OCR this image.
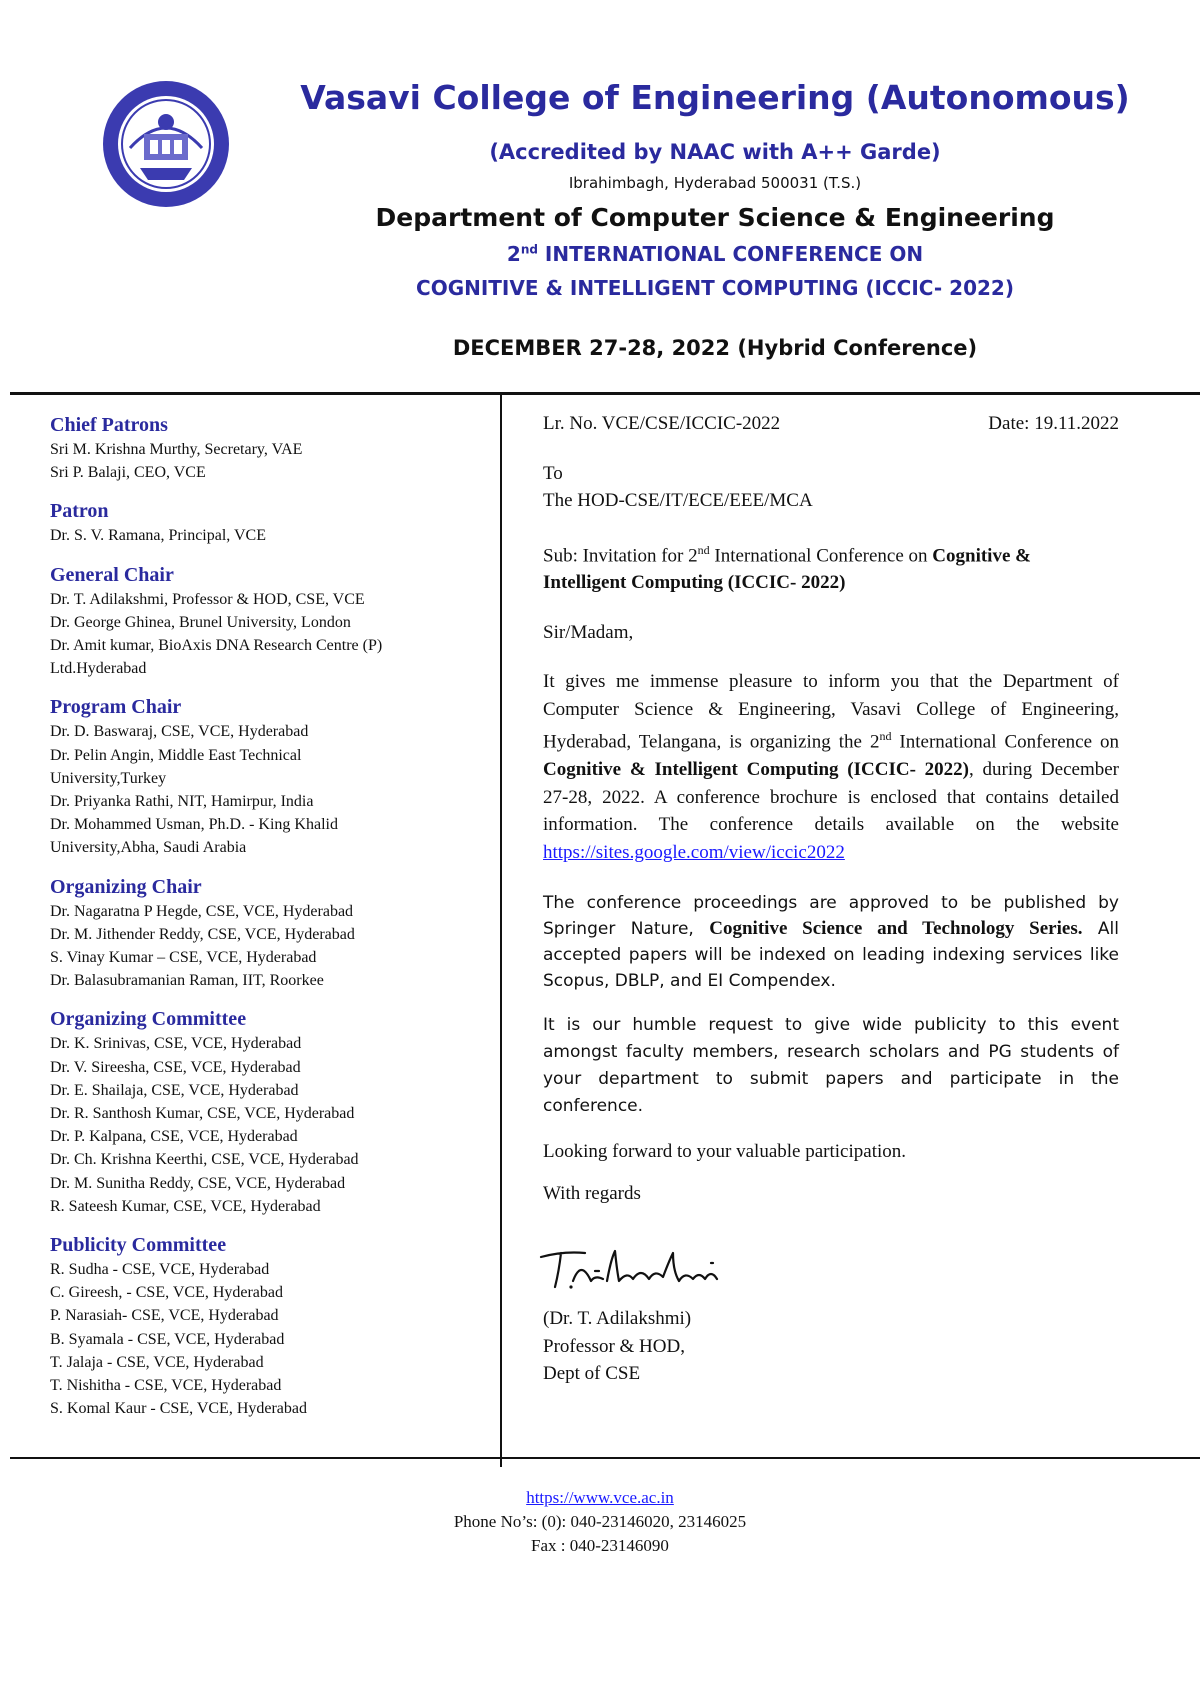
Vasavi College of Engineering (Autonomous)
(Accredited by NAAC with A++ Garde)
Ibrahimbagh, Hyderabad 500031 (T.S.)
Department of Computer Science & Engineering
2nd INTERNATIONAL CONFERENCE ON
COGNITIVE & INTELLIGENT COMPUTING (ICCIC- 2022)
DECEMBER 27-28, 2022 (Hybrid Conference)
Chief Patrons
Sri M. Krishna Murthy, Secretary, VAE
Sri P. Balaji, CEO, VCE
Patron
Dr. S. V. Ramana, Principal, VCE
General Chair
Dr. T. Adilakshmi, Professor & HOD, CSE, VCE
Dr. George Ghinea, Brunel University, London
Dr. Amit kumar, BioAxis DNA Research Centre (P)
Ltd.Hyderabad
Program Chair
Dr. D. Baswaraj, CSE, VCE, Hyderabad
Dr. Pelin Angin, Middle East Technical
University,Turkey
Dr. Priyanka Rathi, NIT, Hamirpur, India
Dr. Mohammed Usman, Ph.D. - King Khalid
University,Abha, Saudi Arabia
Organizing Chair
Dr. Nagaratna P Hegde, CSE, VCE, Hyderabad
Dr. M. Jithender Reddy, CSE, VCE, Hyderabad
S. Vinay Kumar – CSE, VCE, Hyderabad
Dr. Balasubramanian Raman, IIT, Roorkee
Organizing Committee
Dr. K. Srinivas, CSE, VCE, Hyderabad
Dr. V. Sireesha, CSE, VCE, Hyderabad
Dr. E. Shailaja, CSE, VCE, Hyderabad
Dr. R. Santhosh Kumar, CSE, VCE, Hyderabad
Dr. P. Kalpana, CSE, VCE, Hyderabad
Dr. Ch. Krishna Keerthi, CSE, VCE, Hyderabad
Dr. M. Sunitha Reddy, CSE, VCE, Hyderabad
R. Sateesh Kumar, CSE, VCE, Hyderabad
Publicity Committee
R. Sudha - CSE, VCE, Hyderabad
C. Gireesh, - CSE, VCE, Hyderabad
P. Narasiah- CSE, VCE, Hyderabad
B. Syamala - CSE, VCE, Hyderabad
T. Jalaja - CSE, VCE, Hyderabad
T. Nishitha - CSE, VCE, Hyderabad
S. Komal Kaur - CSE, VCE, Hyderabad
Lr. No. VCE/CSE/ICCIC-2022	Date: 19.11.2022

To

The HOD-CSE/IT/ECE/EEE/MCA

Sub: Invitation for 2nd International Conference on Cognitive & Intelligent Computing (ICCIC- 2022)

Sir/Madam,

It gives me immense pleasure to inform you that the Department of Computer Science & Engineering, Vasavi College of Engineering, Hyderabad, Telangana, is organizing the 2nd International Conference on Cognitive & Intelligent Computing (ICCIC- 2022), during December 27-28, 2022. A conference brochure is enclosed that contains detailed information. The conference details available on the website https://sites.google.com/view/iccic2022

The conference proceedings are approved to be published by Springer Nature, Cognitive Science and Technology Series. All accepted papers will be indexed on leading indexing services like Scopus, DBLP, and EI Compendex.

It is our humble request to give wide publicity to this event amongst faculty members, research scholars and PG students of your department to submit papers and participate in the conference.

Looking forward to your valuable participation.

With regards

(Dr. T. Adilakshmi)

Professor & HOD,

Dept of CSE

https://www.vce.ac.in
Phone No’s: (0): 040-23146020, 23146025
Fax : 040-23146090
